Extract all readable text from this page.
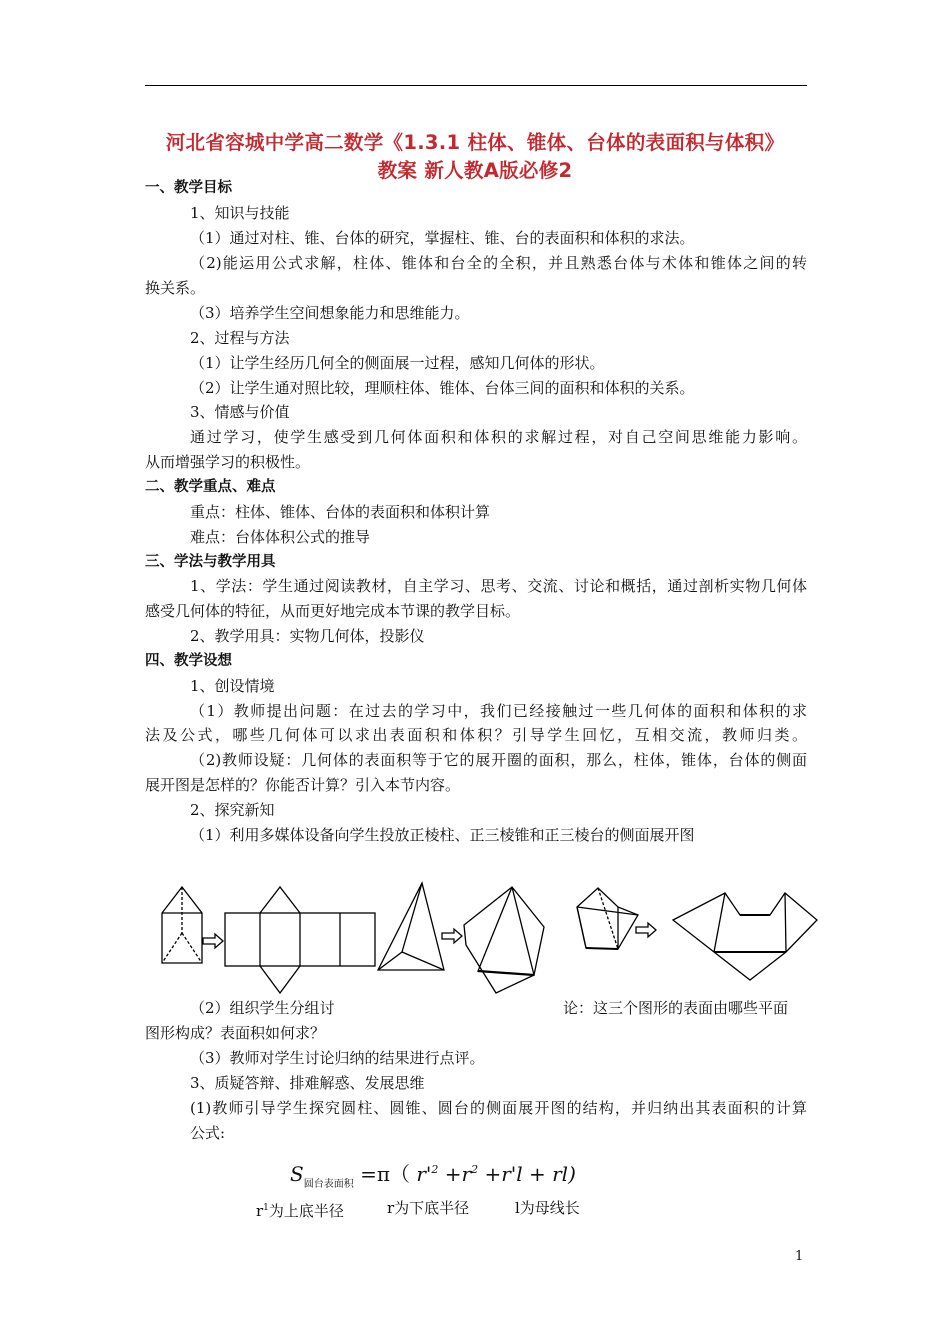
河北省容城中学高二数学《1.3.1 柱体、锥体、台体的表面积与体积》
教案 新人教A版必修2
一、教学目标
1、知识与技能
（1）通过对柱、锥、台体的研究，掌握柱、锥、台的表面积和体积的求法。
（2)能运用公式求解，柱体、锥体和台全的全积，并且熟悉台体与术体和锥体之间的转
换关系。
（3）培养学生空间想象能力和思维能力。
2、过程与方法
（1）让学生经历几何全的侧面展一过程，感知几何体的形状。
（2）让学生通对照比较，理顺柱体、锥体、台体三间的面积和体积的关系。
3、情感与价值
通过学习，使学生感受到几何体面积和体积的求解过程，对自己空间思维能力影响。
从而增强学习的积极性。
二、教学重点、难点
重点：柱体、锥体、台体的表面积和体积计算
难点：台体体积公式的推导
三、学法与教学用具
1、学法：学生通过阅读教材，自主学习、思考、交流、讨论和概括，通过剖析实物几何体
感受几何体的特征，从而更好地完成本节课的教学目标。
2、教学用具：实物几何体，投影仪
四、教学设想
1、创设情境
（1）教师提出问题：在过去的学习中，我们已经接触过一些几何体的面积和体积的求
法及公式，哪些几何体可以求出表面积和体积？引导学生回忆，互相交流，教师归类。
（2)教师设疑：几何体的表面积等于它的展开圈的面积，那么，柱体，锥体，台体的侧面
展开图是怎样的？你能否计算？引入本节内容。
2、探究新知
（1）利用多媒体设备向学生投放正棱柱、正三棱锥和正三棱台的侧面展开图
（2）组织学生分组讨	论：这三个图形的表面由哪些平面
图形构成？表面积如何求？
（3）教师对学生讨论归纳的结果进行点评。
3、质疑答辩、排难解惑、发展思维
(1)教师引导学生探究圆柱、圆锥、圆台的侧面展开图的结构，并归纳出其表面积的计算
公式:
$S_{圆台表面积} =\pi$（ $r'^2 +r^2 +r'l + rl$)
$r^1$为上底半径	r为下底半径	l为母线长
1
